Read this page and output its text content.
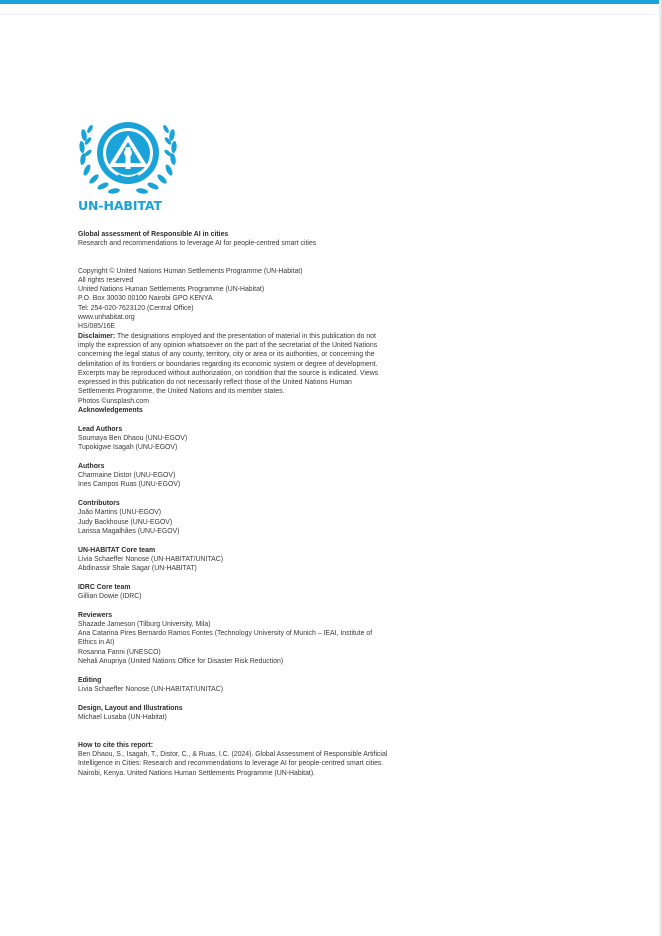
UN-HABITAT

Global assessment of Responsible AI in cities

Research and recommendations to leverage AI for people-centred smart cities

Copyright © United Nations Human Settlements Programme (UN-Habitat)

All rights reserved

United Nations Human Settlements Programme (UN-Habitat)

P.O. Box 30030 00100 Nairobi GPO KENYA

Tel: 254-020-7623120 (Central Office)

www.unhabitat.org

HS/085/16E

Disclaimer: The designations employed and the presentation of material in this publication do not imply the expression of any opinion whatsoever on the part of the secretariat of the United Nations concerning the legal status of any county, territory, city or area or its authorities, or concerning the delimitation of its frontiers or boundaries regarding its economic system or degree of development. Excerpts may be reproduced without authorization, on condition that the source is indicated. Views expressed in this publication do not necessarily reflect those of the United Nations Human Settlements Programme, the United Nations and its member states.

Photos ©unsplash.com

Acknowledgements

Lead Authors

Soumaya Ben Dhaou (UNU-EGOV)

Tupokigwe Isagah (UNU-EGOV)

Authors

Charmaine Distor (UNU-EGOV)

Ines Campos Ruas (UNU-EGOV)

Contributors

João Martins (UNU-EGOV)

Judy Backhouse (UNU-EGOV)

Larissa Magalhães (UNU-EGOV)

UN-HABITAT Core team

Livia Schaeffer Nonose (UN-HABITAT/UNITAC)

Abdinassir Shale Sagar (UN-HABITAT)

IDRC Core team

Gillian Dowie (IDRC)

Reviewers

Shazade Jameson (Tilburg University, Mila)

Ana Catarina Pires Bernardo Ramos Fontes (Technology University of Munich – IEAI, Institute of Ethics in AI)

Rosanna Fanni (UNESCO)

Nehali Anupriya (United Nations Office for Disaster Risk Reduction)

Editing

Livia Schaeffer Nonose (UN-HABITAT/UNITAC)

Design, Layout and Illustrations

Michael Lusaba (UN-Habitat)

How to cite this report:

Ben Dhaou, S., Isagah, T., Distor, C., & Ruas, I.C. (2024). Global Assessment of Responsible Artificial Intelligence in Cities: Research and recommendations to leverage AI for people-centred smart cities. Nairobi, Kenya. United Nations Human Settlements Programme (UN-Habitat).
